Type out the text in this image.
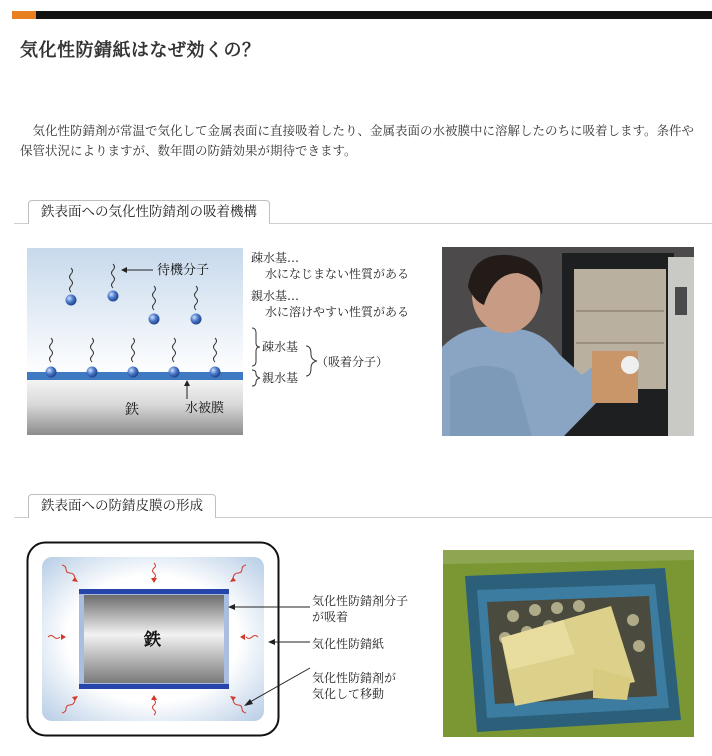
気化性防錆紙はなぜ効くの？

　気化性防錆剤が常温で気化して金属表面に直接吸着したり、金属表面の水被膜中に溶解したのちに吸着します。条件や保管状況によりますが、数年間の防錆効果が期待できます。

鉄表面への気化性防錆剤の吸着機構
待機分子
鉄	水被膜
疎水基…
水になじまない性質がある
親水基…
水に溶けやすい性質がある
疎水基
親水基
（吸着分子）
鉄表面への防錆皮膜の形成
鉄
気化性防錆剤分子
が吸着
気化性防錆紙
気化性防錆剤が
気化して移動
